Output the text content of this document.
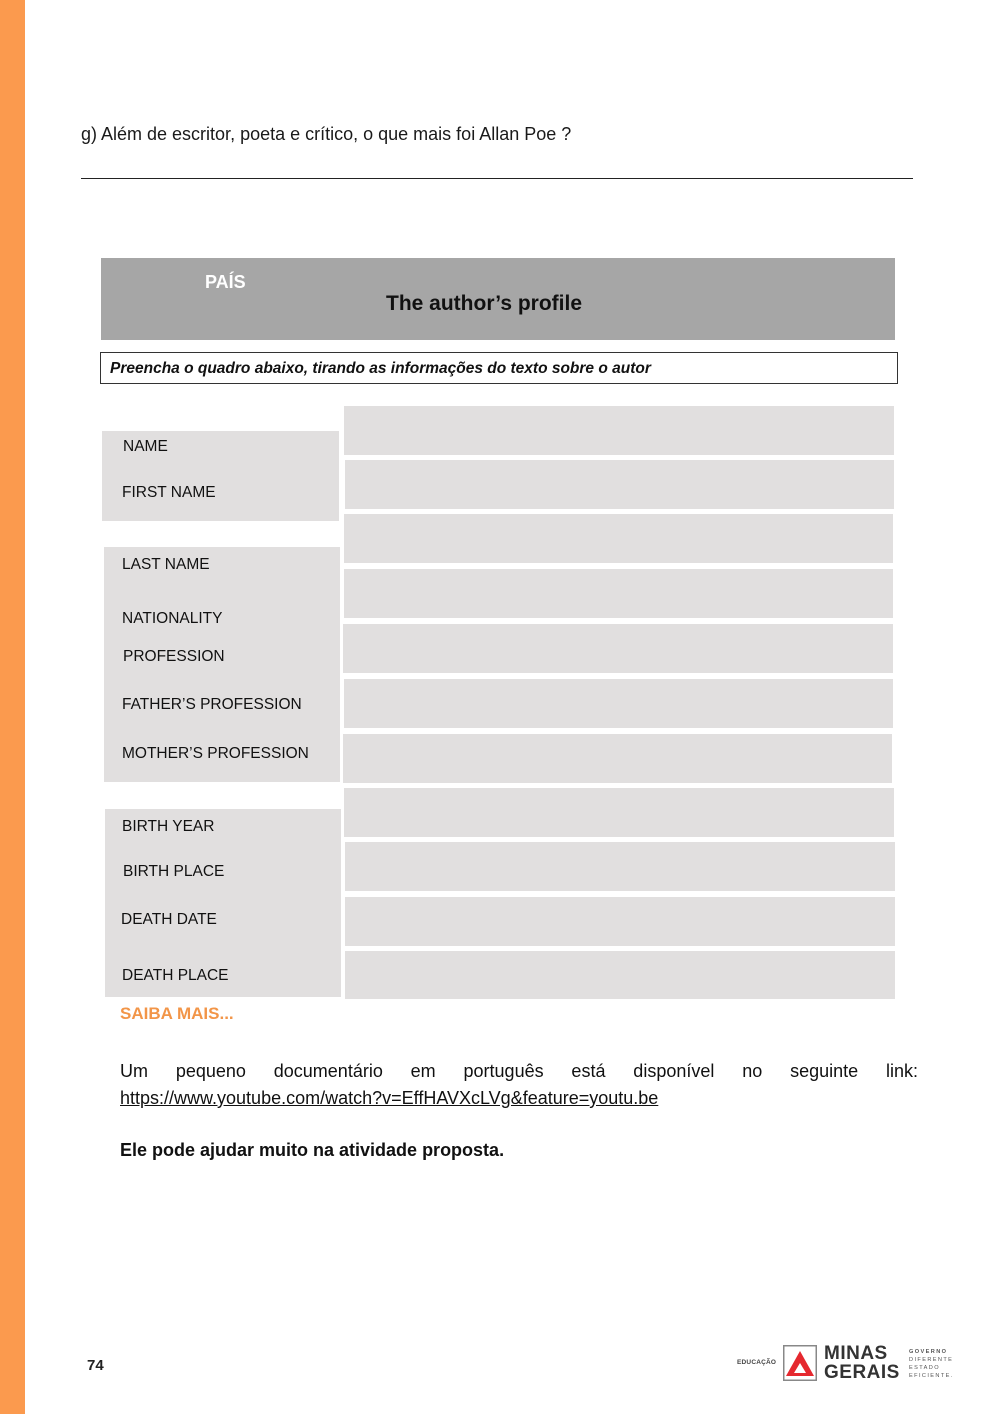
g) Além de escritor, poeta e crítico, o que mais foi Allan Poe ?
PAÍS
The author’s profile
Preencha o quadro abaixo, tirando as informações do texto sobre o autor
NAME
FIRST NAME
LAST NAME
NATIONALITY
PROFESSION
FATHER’S PROFESSION
MOTHER’S PROFESSION
BIRTH YEAR
BIRTH PLACE
DEATH DATE
DEATH PLACE
SAIBA MAIS...
Um pequeno documentário em português está disponível no seguinte link:
https://www.youtube.com/watch?v=EffHAVXcLVg&feature=youtu.be
Ele pode ajudar muito na atividade proposta.
74	EDUCAÇÃO	MINAS
GERAIS
GOVERNO
DIFERENTE
ESTADO
EFICIENTE.
